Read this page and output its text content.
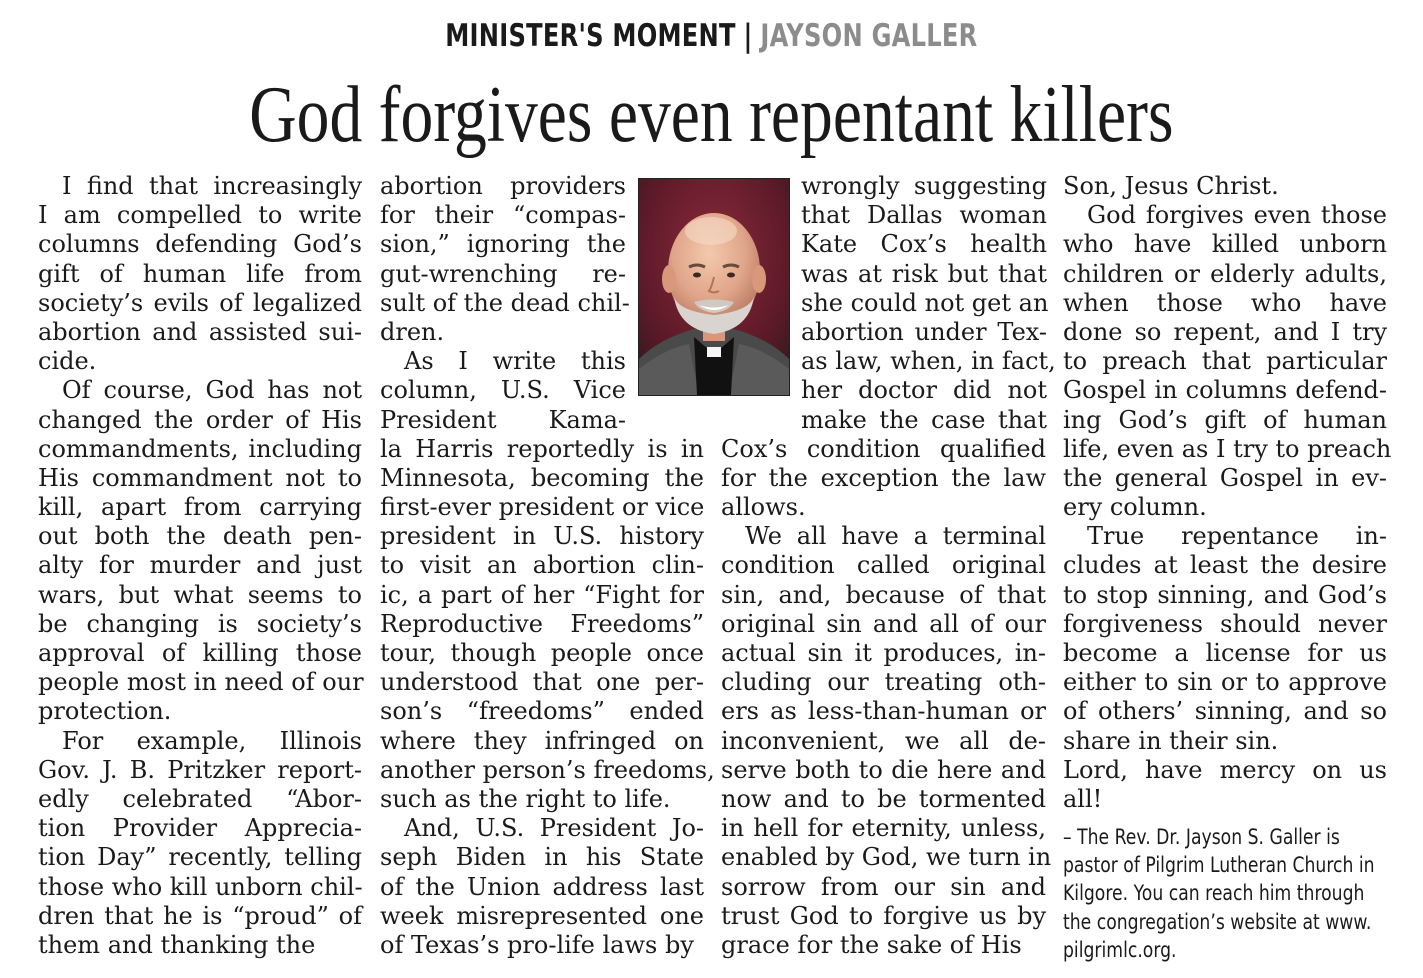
MINISTER'S MOMENT | JAYSON GALLER
God forgives even repentant killers
I find that increasingly
I am compelled to write
columns defending God’s
gift of human life from
society’s evils of legalized
abortion and assisted sui-
cide.
Of course, God has not
changed the order of His
commandments, including
His commandment not to
kill, apart from carrying
out both the death pen-
alty for murder and just
wars, but what seems to
be changing is society’s
approval of killing those
people most in need of our
protection.
For example, Illinois
Gov. J. B. Pritzker report-
edly celebrated “Abor-
tion Provider Apprecia-
tion Day” recently, telling
those who kill unborn chil-
dren that he is “proud” of
them and thanking the
abortion providers
for their “compas-
sion,” ignoring the
gut-wrenching re-
sult of the dead chil-
dren.
As I write this
column, U.S. Vice
President Kama-
la Harris reportedly is in
Minnesota, becoming the
first-ever president or vice
president in U.S. history
to visit an abortion clin-
ic, a part of her “Fight for
Reproductive Freedoms”
tour, though people once
understood that one per-
son’s “freedoms” ended
where they infringed on
another person’s freedoms,
such as the right to life.
And, U.S. President Jo-
seph Biden in his State
of the Union address last
week misrepresented one
of Texas’s pro-life laws by
wrongly suggesting
that Dallas woman
Kate Cox’s health
was at risk but that
she could not get an
abortion under Tex-
as law, when, in fact,
her doctor did not
make the case that
Cox’s condition qualified
for the exception the law
allows.
We all have a terminal
condition called original
sin, and, because of that
original sin and all of our
actual sin it produces, in-
cluding our treating oth-
ers as less-than-human or
inconvenient, we all de-
serve both to die here and
now and to be tormented
in hell for eternity, unless,
enabled by God, we turn in
sorrow from our sin and
trust God to forgive us by
grace for the sake of His
Son, Jesus Christ.
God forgives even those
who have killed unborn
children or elderly adults,
when those who have
done so repent, and I try
to preach that particular
Gospel in columns defend-
ing God’s gift of human
life, even as I try to preach
the general Gospel in ev-
ery column.
True repentance in-
cludes at least the desire
to stop sinning, and God’s
forgiveness should never
become a license for us
either to sin or to approve
of others’ sinning, and so
share in their sin.
Lord, have mercy on us
all!
– The Rev. Dr. Jayson S. Galler is
pastor of Pilgrim Lutheran Church in
Kilgore. You can reach him through
the congregation’s website at www.
pilgrimlc.org.
